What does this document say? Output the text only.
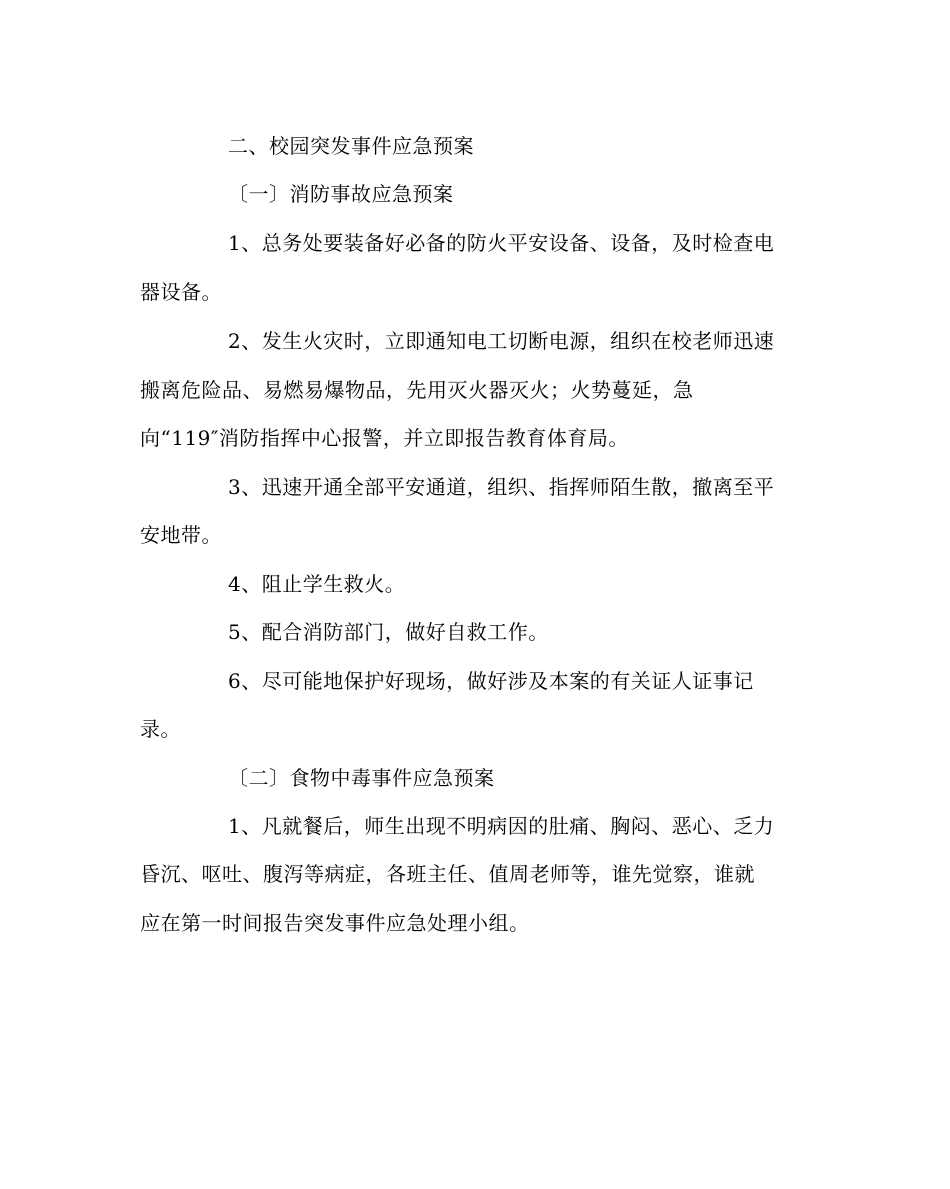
二、校园突发事件应急预案
〔一〕消防事故应急预案
1、总务处要装备好必备的防火平安设备、设备，及时检查电
器设备。
2、发生火灾时，立即通知电工切断电源，组织在校老师迅速
搬离危险品、易燃易爆物品，先用灭火器灭火；火势蔓延，急
向“119″消防指挥中心报警，并立即报告教育体育局。
3、迅速开通全部平安通道，组织、指挥师陌生散，撤离至平
安地带。
4、阻止学生救火。
5、配合消防部门，做好自救工作。
6、尽可能地保护好现场，做好涉及本案的有关证人证事记
录。
〔二〕食物中毒事件应急预案
1、凡就餐后，师生出现不明病因的肚痛、胸闷、恶心、乏力
昏沉、呕吐、腹泻等病症，各班主任、值周老师等，谁先觉察，谁就
应在第一时间报告突发事件应急处理小组。
